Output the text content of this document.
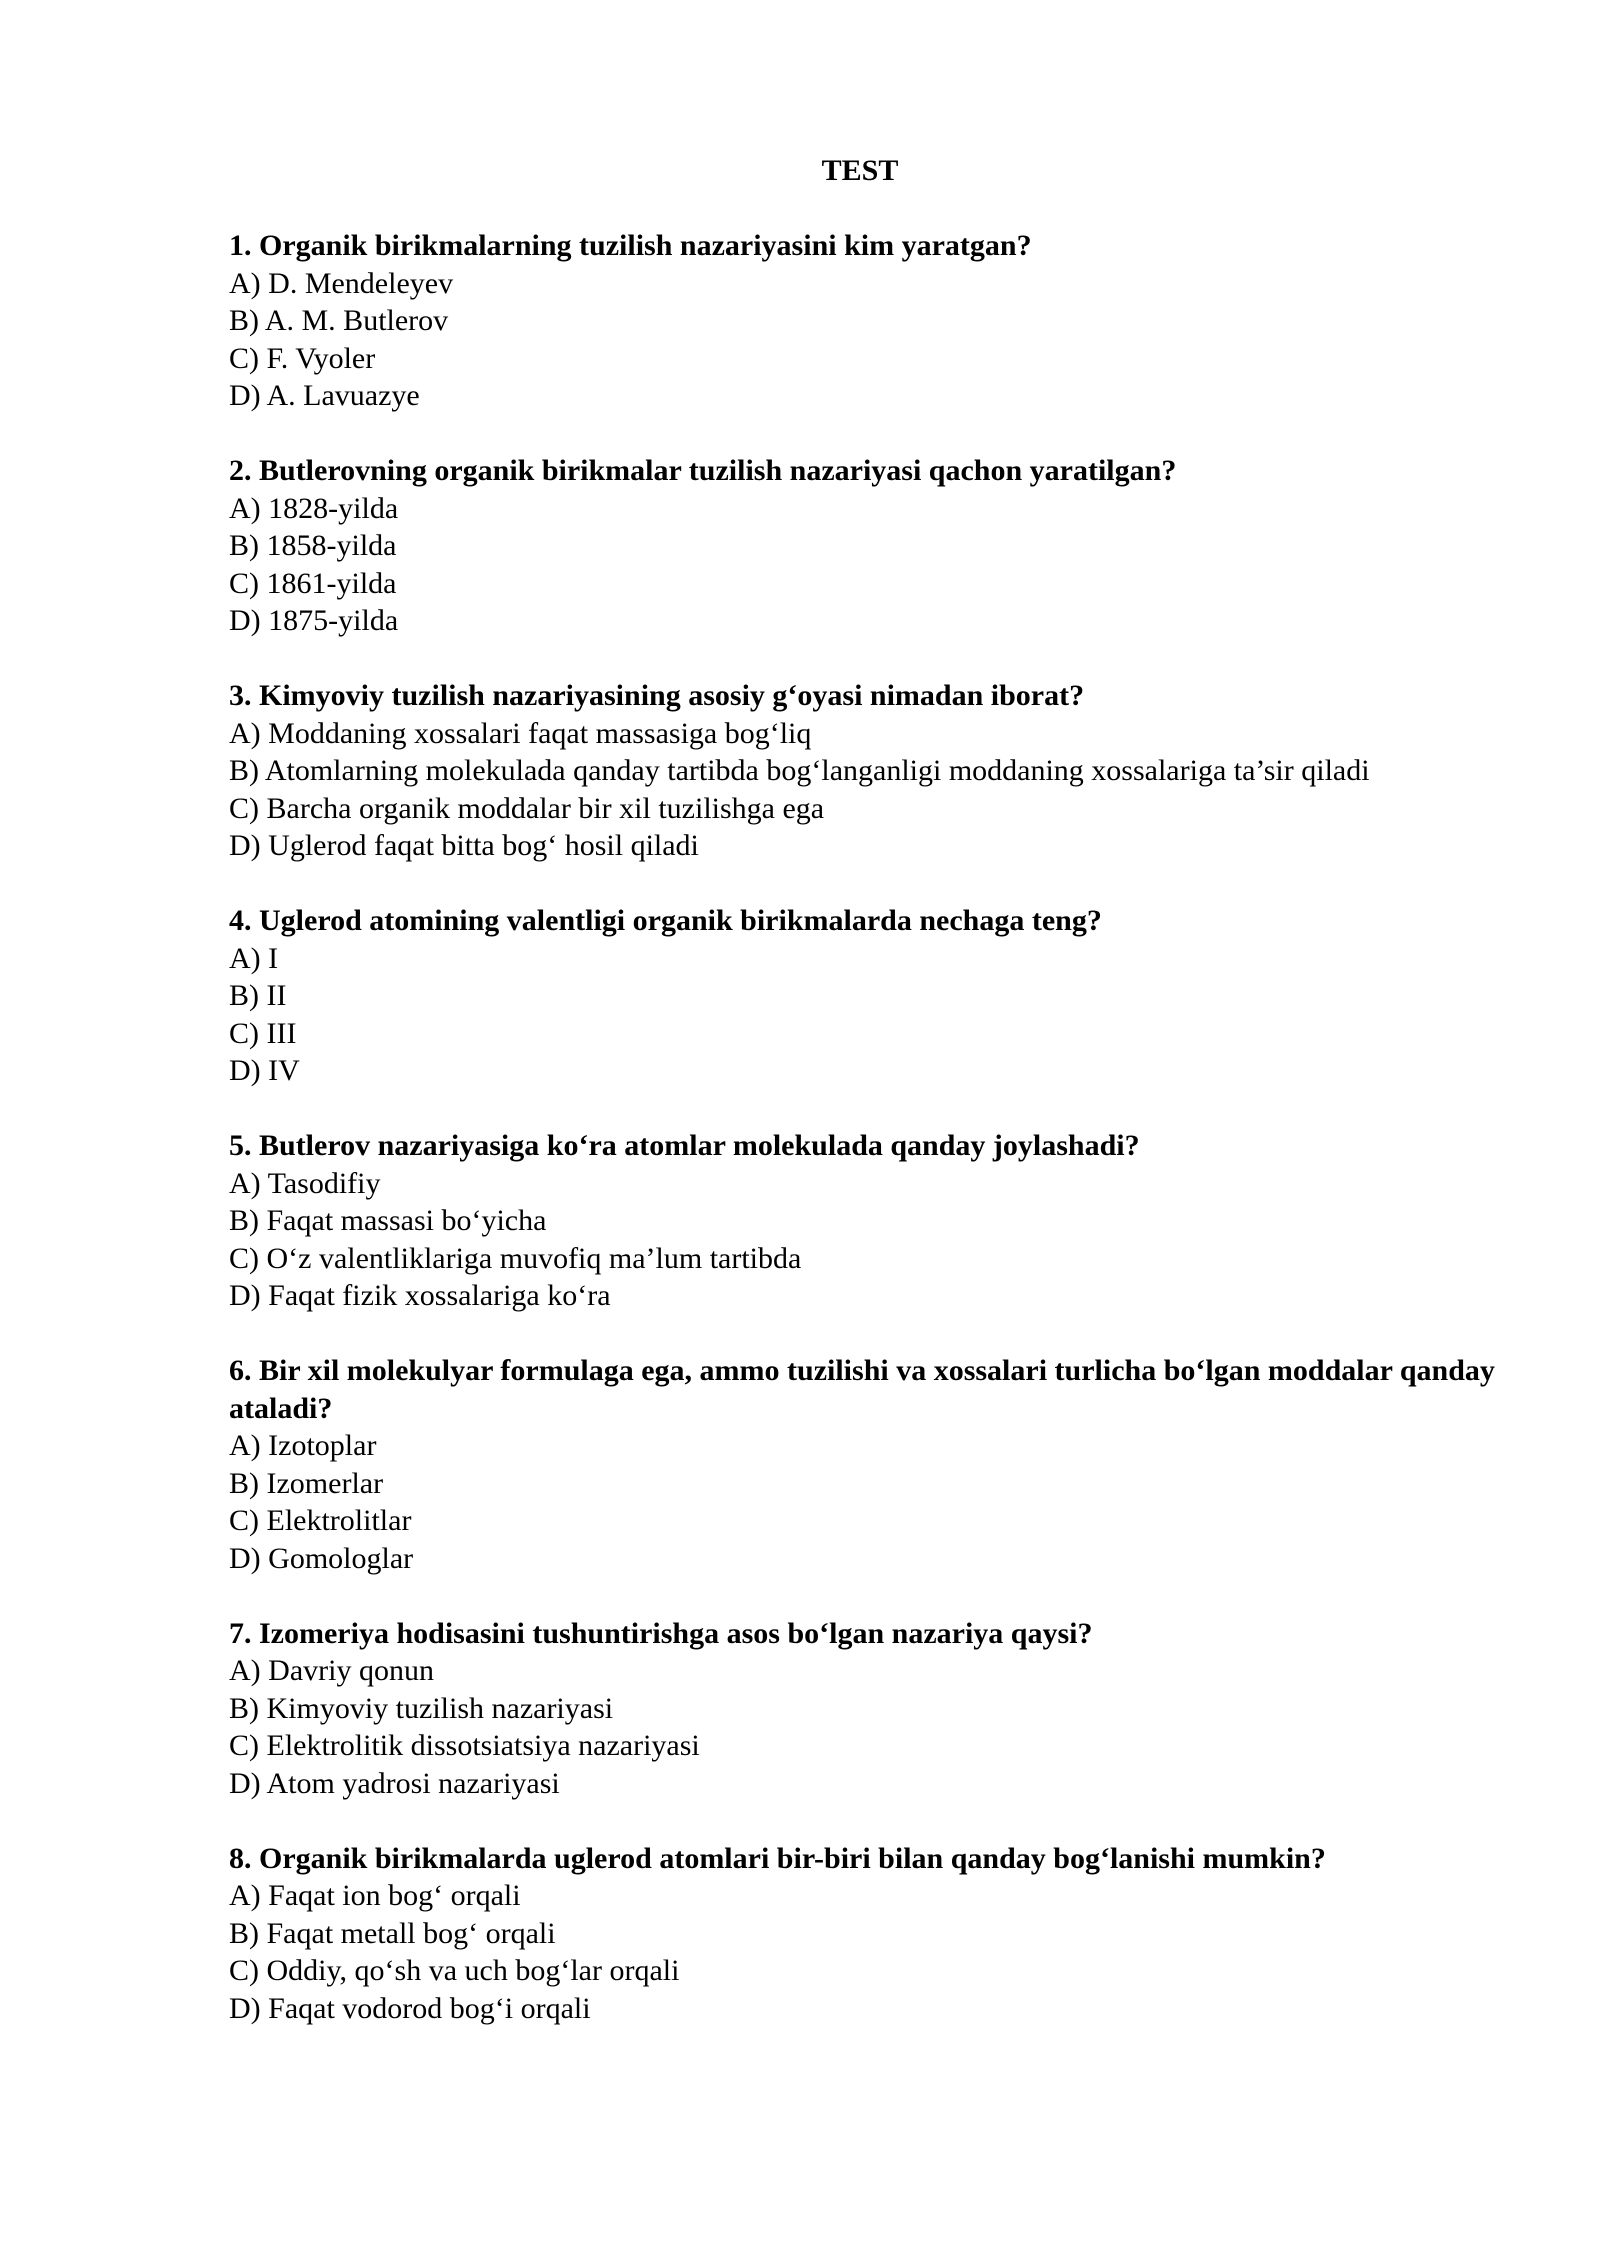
TEST

1. Organik birikmalarning tuzilish nazariyasini kim yaratgan?

A) D. Mendeleyev

B) A. M. Butlerov

C) F. Vyoler

D) A. Lavuazye

2. Butlerovning organik birikmalar tuzilish nazariyasi qachon yaratilgan?

A) 1828-yilda

B) 1858-yilda

C) 1861-yilda

D) 1875-yilda

3. Kimyoviy tuzilish nazariyasining asosiy g‘oyasi nimadan iborat?

A) Moddaning xossalari faqat massasiga bog‘liq

B) Atomlarning molekulada qanday tartibda bog‘langanligi moddaning xossalariga ta’sir qiladi

C) Barcha organik moddalar bir xil tuzilishga ega

D) Uglerod faqat bitta bog‘ hosil qiladi

4. Uglerod atomining valentligi organik birikmalarda nechaga teng?

A) I

B) II

C) III

D) IV

5. Butlerov nazariyasiga ko‘ra atomlar molekulada qanday joylashadi?

A) Tasodifiy

B) Faqat massasi bo‘yicha

C) O‘z valentliklariga muvofiq ma’lum tartibda

D) Faqat fizik xossalariga ko‘ra

6. Bir xil molekulyar formulaga ega, ammo tuzilishi va xossalari turlicha bo‘lgan moddalar qanday ataladi?

A) Izotoplar

B) Izomerlar

C) Elektrolitlar

D) Gomologlar

7. Izomeriya hodisasini tushuntirishga asos bo‘lgan nazariya qaysi?

A) Davriy qonun

B) Kimyoviy tuzilish nazariyasi

C) Elektrolitik dissotsiatsiya nazariyasi

D) Atom yadrosi nazariyasi

8. Organik birikmalarda uglerod atomlari bir-biri bilan qanday bog‘lanishi mumkin?

A) Faqat ion bog‘ orqali

B) Faqat metall bog‘ orqali

C) Oddiy, qo‘sh va uch bog‘lar orqali

D) Faqat vodorod bog‘i orqali
